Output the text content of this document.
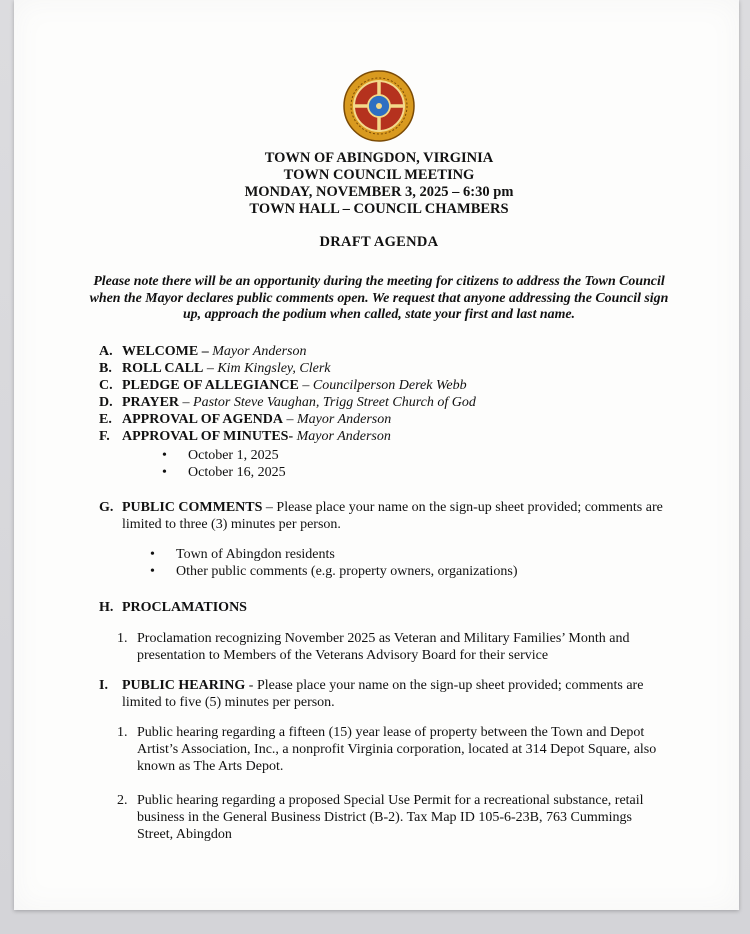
TOWN OF ABINGDON, VIRGINIA
TOWN COUNCIL MEETING
MONDAY, NOVEMBER 3, 2025 – 6:30 pm
TOWN HALL – COUNCIL CHAMBERS
DRAFT AGENDA

Please note there will be an opportunity during the meeting for citizens to address the Town Council when the Mayor declares public comments open. We request that anyone addressing the Council sign up, approach the podium when called, state your first and last name.

A. WELCOME – Mayor Anderson
B. ROLL CALL – Kim Kingsley, Clerk
C. PLEDGE OF ALLEGIANCE – Councilperson Derek Webb
D. PRAYER – Pastor Steve Vaughan, Trigg Street Church of God
E. APPROVAL OF AGENDA – Mayor Anderson
F. APPROVAL OF MINUTES- Mayor Anderson
•	October 1, 2025
•	October 16, 2025
G. PUBLIC COMMENTS – Please place your name on the sign-up sheet provided; comments are limited to three (3) minutes per person.
•	Town of Abingdon residents
•	Other public comments (e.g. property owners, organizations)
H. PROCLAMATIONS
1. Proclamation recognizing November 2025 as Veteran and Military Families’ Month and presentation to Members of the Veterans Advisory Board for their service
I.	PUBLIC HEARING - Please place your name on the sign-up sheet provided; comments are limited to five (5) minutes per person.
1. Public hearing regarding a fifteen (15) year lease of property between the Town and Depot Artist’s Association, Inc., a nonprofit Virginia corporation, located at 314 Depot Square, also known as The Arts Depot.
2. Public hearing regarding a proposed Special Use Permit for a recreational substance, retail business in the General Business District (B-2). Tax Map ID 105-6-23B, 763 Cummings Street, Abingdon
